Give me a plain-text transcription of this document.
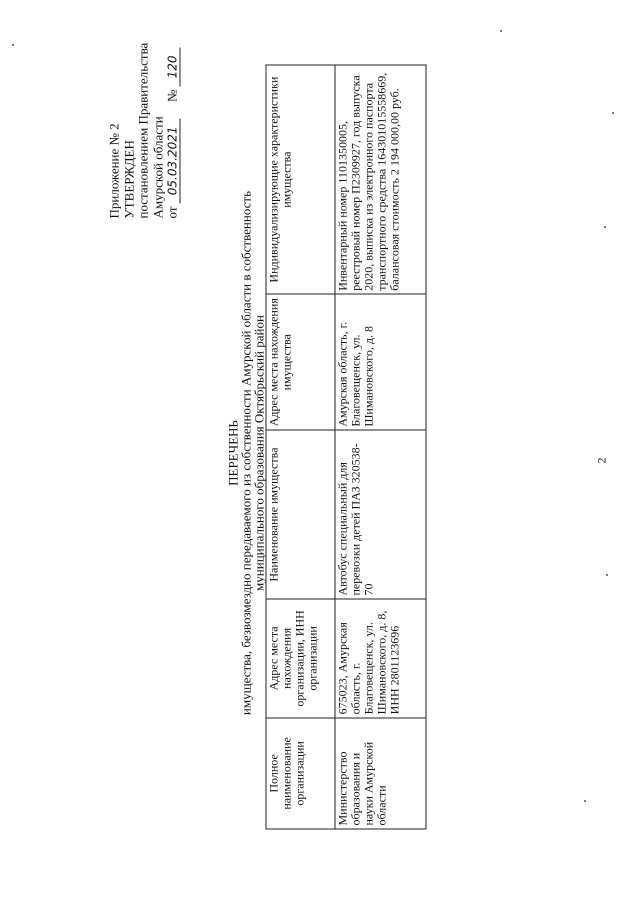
2
Приложение № 2 УТВЕРЖДЕН постановлением Правительства Амурской области от 05.03.2021  № 120
ПЕРЕЧЕНЬ
имущества, безвозмездно передаваемого из собственности Амурской области в собственность
муниципального образования Октябрьский район
Полное наименование организации	Адрес места нахождения организации, ИНН организации	Наименование имущества	Адрес места нахождения имущества	Индивидуализирующие характеристики имущества
Министерство образования и науки Амурской области	675023, Амурская область, г. Благовещенск, ул. Шимановского, д. 8, ИНН 2801123696	Автобус специальный для перевозки детей ПАЗ 320538-70	Амурская область, г. Благовещенск, ул. Шимановского, д. 8	Инвентарный номер 1101350005, реестровый номер П2309927, год выпуска 2020, выписка из электронного паспорта транспортного средства 164301015558669, балансовая стоимость 2 194 000,00 руб.
